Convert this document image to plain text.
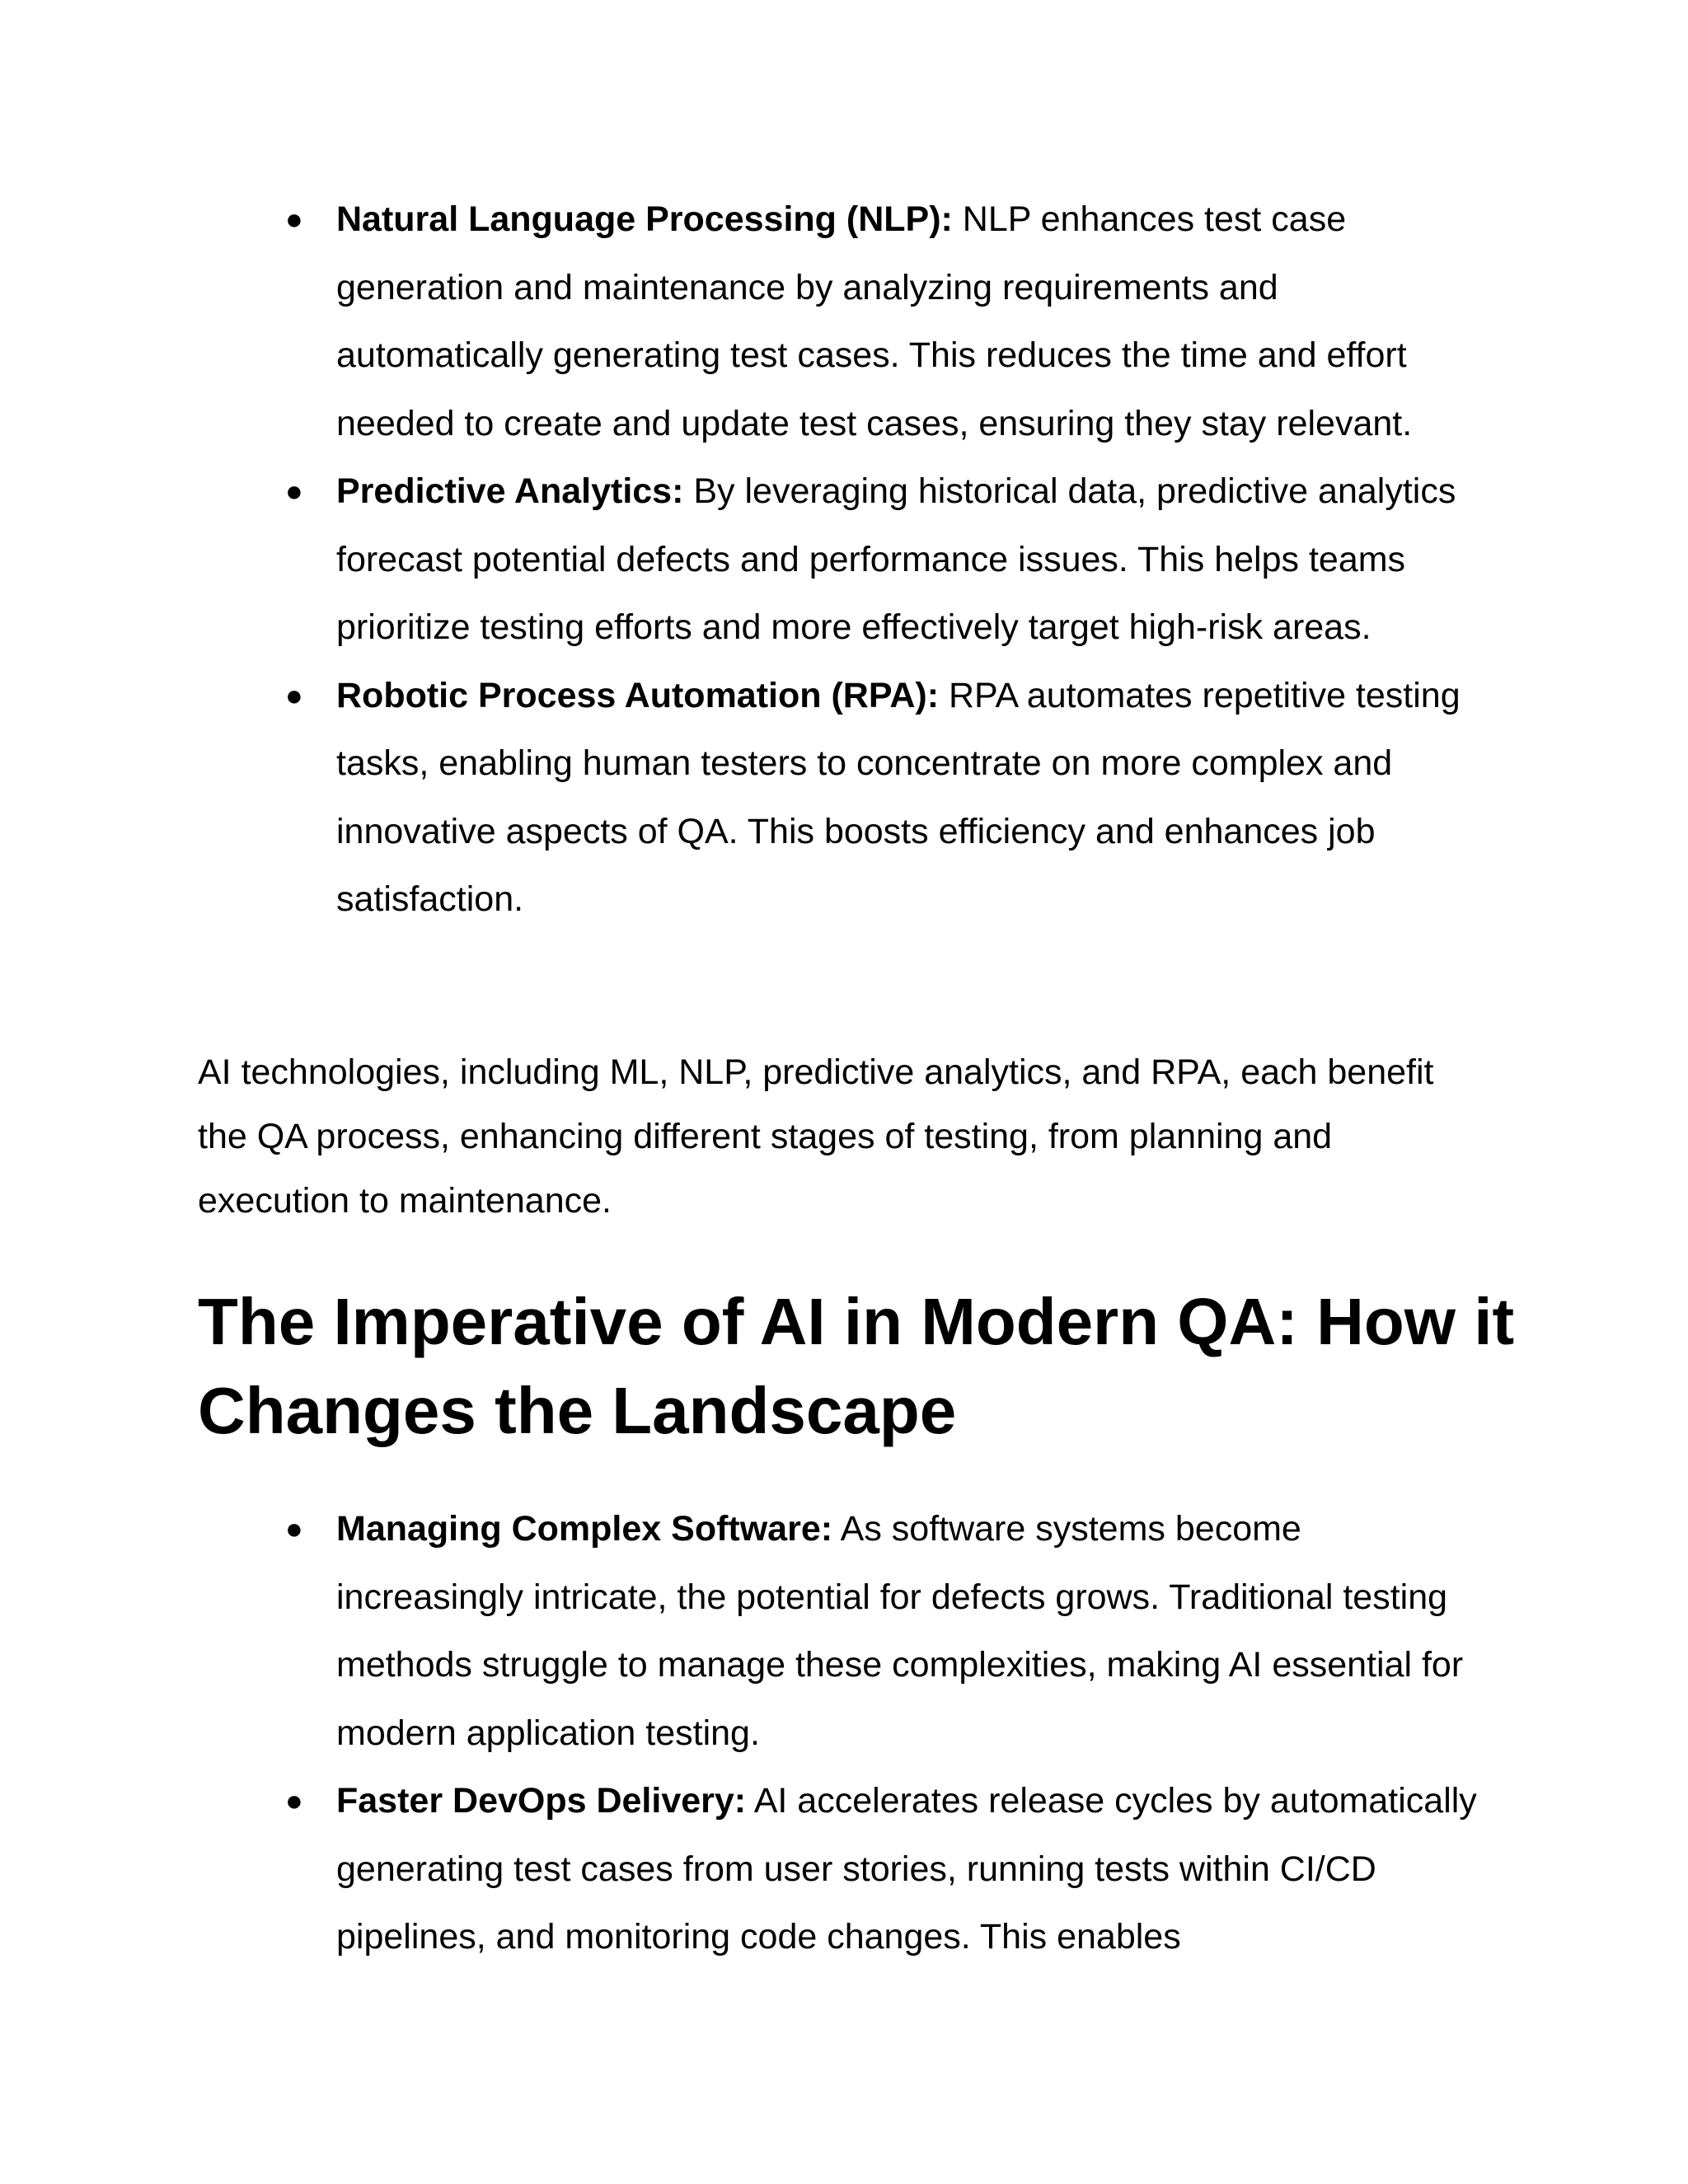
● Natural Language Processing (NLP): NLP enhances test case generation and maintenance by analyzing requirements and automatically generating test cases. This reduces the time and effort needed to create and update test cases, ensuring they stay relevant.
● Predictive Analytics: By leveraging historical data, predictive analytics forecast potential defects and performance issues. This helps teams prioritize testing efforts and more effectively target high-risk areas.
● Robotic Process Automation (RPA): RPA automates repetitive testing tasks, enabling human testers to concentrate on more complex and innovative aspects of QA. This boosts efficiency and enhances job satisfaction.

AI technologies, including ML, NLP, predictive analytics, and RPA, each benefit the QA process, enhancing different stages of testing, from planning and execution to maintenance.

The Imperative of AI in Modern QA: How it Changes the Landscape
● Managing Complex Software: As software systems become increasingly intricate, the potential for defects grows. Traditional testing methods struggle to manage these complexities, making AI essential for modern application testing.
● Faster DevOps Delivery: AI accelerates release cycles by automatically generating test cases from user stories, running tests within CI/CD pipelines, and monitoring code changes. This enables
